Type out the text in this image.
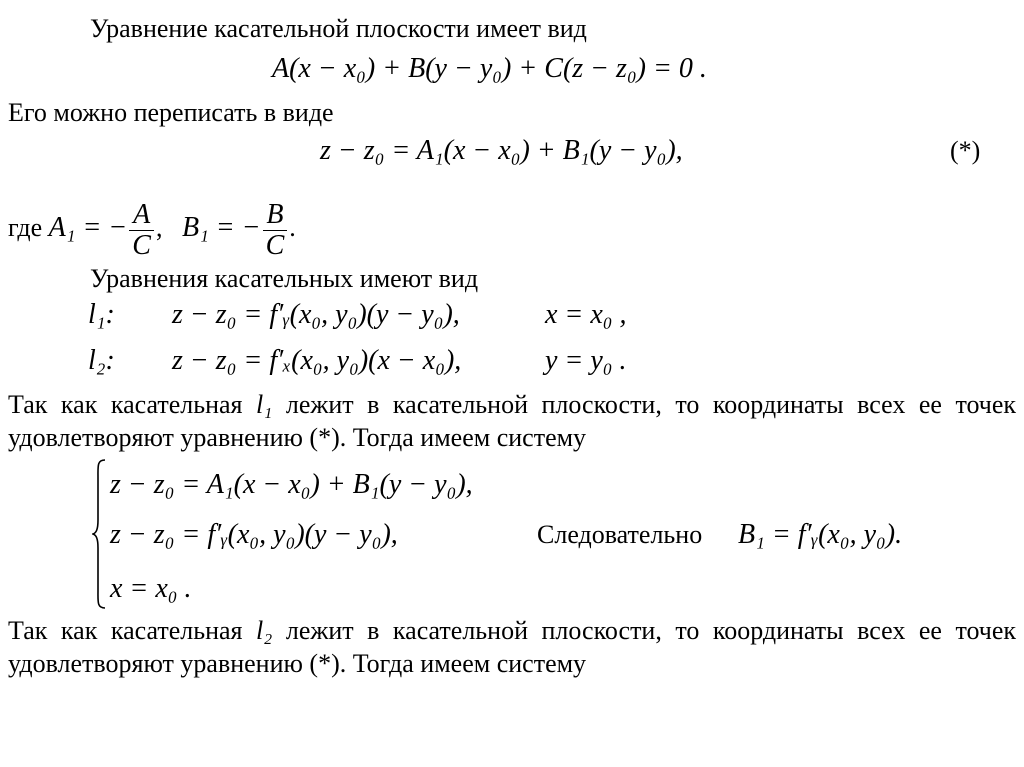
Уравнение касательной плоскости имеет вид
A(x − x₀) + B(y − y₀) + C(z − z₀) = 0 .
Его можно переписать в виде
z − z₀ = A₁(x − x₀) + B₁(y − y₀),	(*)
где A₁ = − $\frac{A}{C}$ , B₁ = − $\frac{B}{C}$ .
Уравнения касательных имеют вид
l₁: z − z₀ = f′ᵧ(x₀, y₀)(y − y₀),	x = x₀ ,
l₂: z − z₀ = f′ₓ(x₀, y₀)(x − x₀),	y = y₀ .
Так как касательная l₁ лежит в касательной плоскости, то координаты всех ее точек удовлетворяют уравнению (*). Тогда имеем систему
z − z₀ = A₁(x − x₀) + B₁(y − y₀),
z − z₀ = f′ᵧ(x₀, y₀)(y − y₀),
x = x₀ .
Следовательно B₁ = f′ᵧ(x₀, y₀).
Так как касательная l₂ лежит в касательной плоскости, то координаты всех ее точек удовлетворяют уравнению (*). Тогда имеем систему
